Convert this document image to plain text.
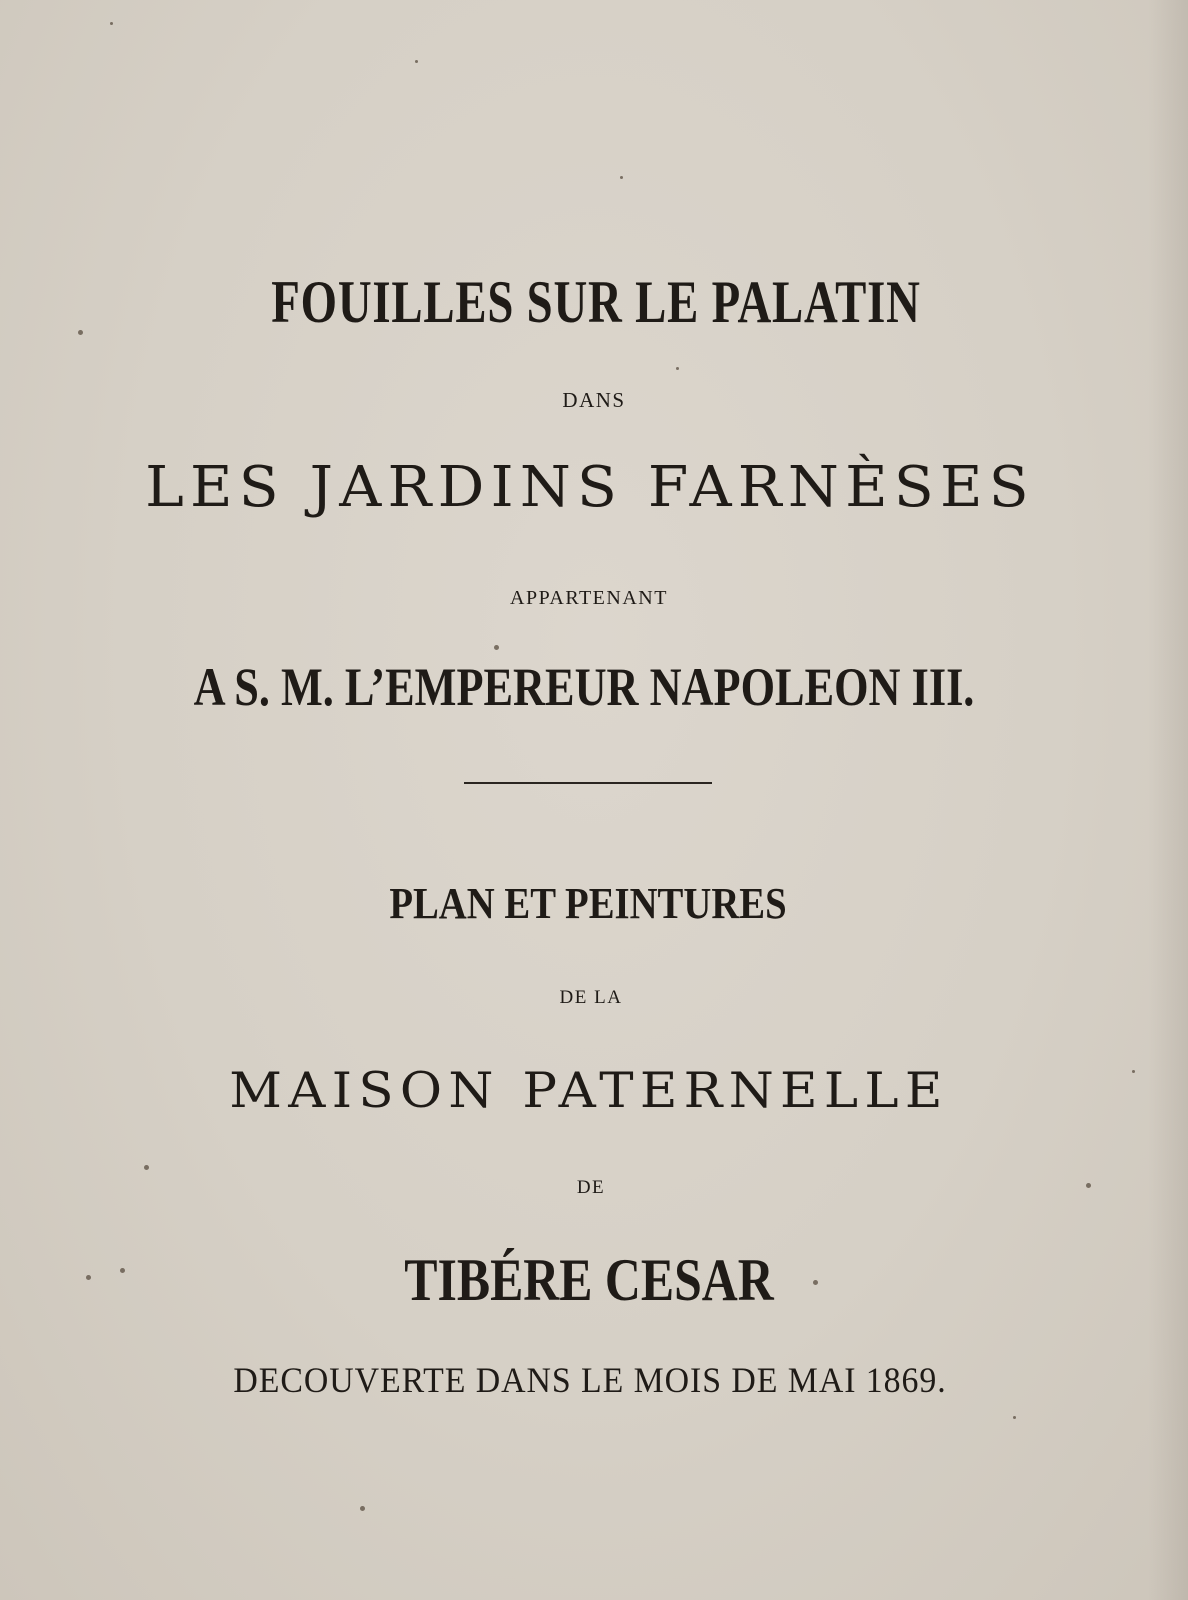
FOUILLES SUR LE PALATIN
DANS
LES JARDINS FARNÈSES
APPARTENANT
A S. M. L’EMPEREUR NAPOLEON III.
PLAN ET PEINTURES
DE LA
MAISON PATERNELLE
DE
TIBÉRE CESAR
DECOUVERTE DANS LE MOIS DE MAI 1869.
